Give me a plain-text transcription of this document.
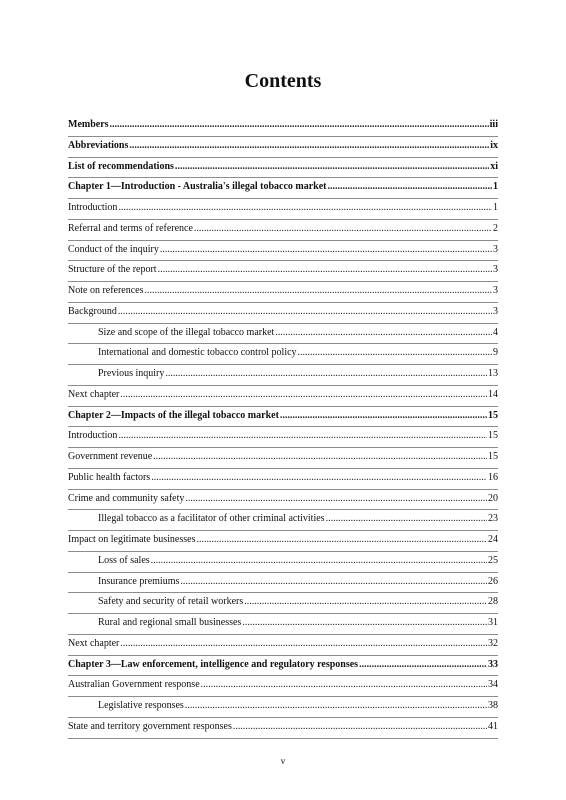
Contents
Members .....	iii
Abbreviations .....	ix
List of recommendations .....	xi
Chapter 1—Introduction - Australia's illegal tobacco market .....	1
Introduction .....	1
Referral and terms of reference .....	2
Conduct of the inquiry .....	3
Structure of the report .....	3
Note on references .....	3
Background .....	3
Size and scope of the illegal tobacco market .....	4
International and domestic tobacco control policy .....	9
Previous inquiry .....	13
Next chapter .....	14
Chapter 2—Impacts of the illegal tobacco market .....	15
Introduction .....	15
Government revenue .....	15
Public health factors .....	16
Crime and community safety .....	20
Illegal tobacco as a facilitator of other criminal activities .....	23
Impact on legitimate businesses .....	24
Loss of sales .....	25
Insurance premiums .....	26
Safety and security of retail workers .....	28
Rural and regional small businesses .....	31
Next chapter .....	32
Chapter 3—Law enforcement, intelligence and regulatory responses .....	33
Australian Government response .....	34
Legislative responses .....	38
State and territory government responses .....	41
v
